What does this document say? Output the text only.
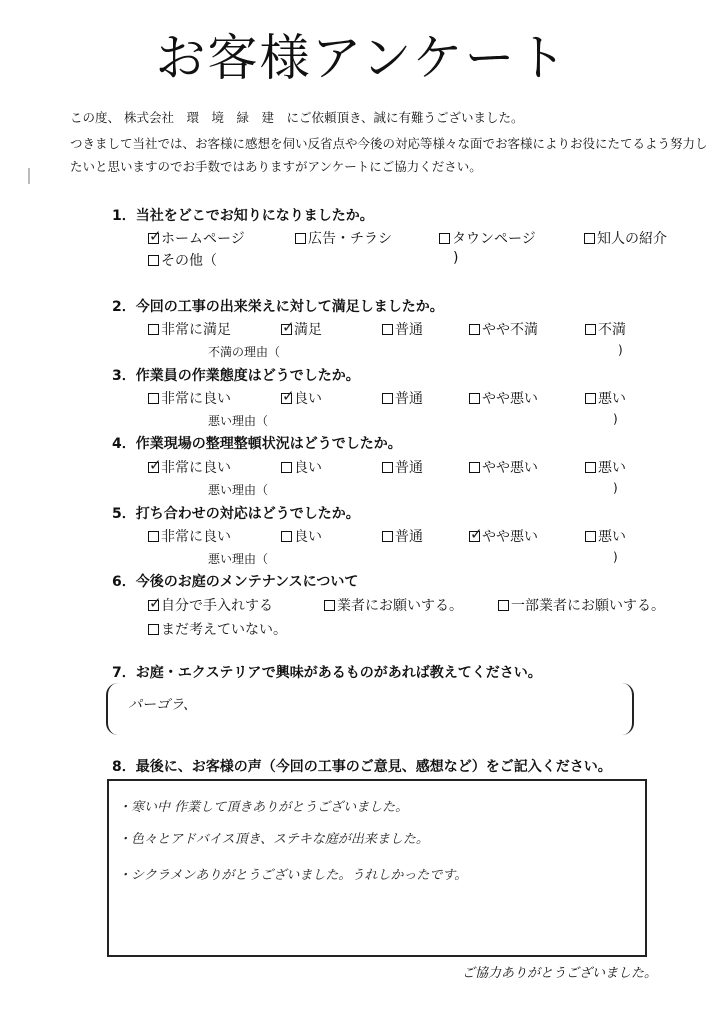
お客様アンケート
この度、 株式会社　環　境　緑　建　にご依頼頂き、誠に有難うございました。
つきまして当社では、お客様に感想を伺い反省点や今後の対応等様々な面でお客様によりお役にたてるよう努力し
たいと思いますのでお手数ではありますがアンケートにご協力ください。
1．当社をどこでお知りになりましたか。
✓ホームページ	広告・チラシ	タウンページ	知人の紹介
その他（	)
2．今回の工事の出来栄えに対して満足しましたか。
非常に満足 ✓	満足	普通	やや不満	不満
不満の理由（	)
3．作業員の作業態度はどうでしたか。
非常に良い ✓	良い	普通	やや悪い	悪い
悪い理由（	)
4．作業現場の整理整頓状況はどうでしたか。
✓非常に良い	良い	普通	やや悪い	悪い
悪い理由（	)
5．打ち合わせの対応はどうでしたか。
非常に良い	良い	普通 ✓	やや悪い	悪い
悪い理由（	)
6．今後のお庭のメンテナンスについて
✓自分で手入れする	業者にお願いする。	一部業者にお願いする。
まだ考えていない。
7．お庭・エクステリアで興味があるものがあれば教えてください。
パーゴラ、
8．最後に、お客様の声（今回の工事のご意見、感想など）をご記入ください。
・寒い中 作業して頂きありがとうございました。
・色々とアドバイス頂き、ステキな庭が出来ました。
・シクラメンありがとうございました。うれしかったです。
ご協力ありがとうございました。
